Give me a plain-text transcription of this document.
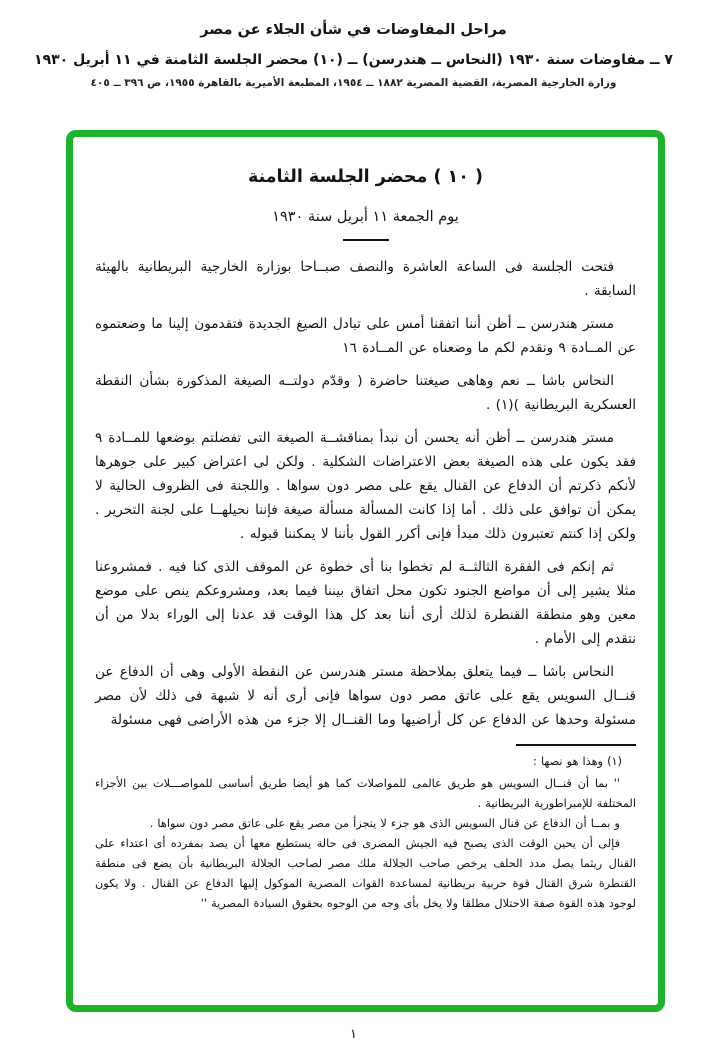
مراحل المفاوضات في شأن الجلاء عن مصر
٧ ــ مفاوضات سنة ١٩٣٠ (النحاس ــ هندرسن) ــ (١٠) محضر الجلسة الثامنة في ١١ أبريل ١٩٣٠
وزارة الخارجية المصرية، القضية المصرية ١٨٨٢ ــ ١٩٥٤، المطبعة الأميرية بالقاهرة ١٩٥٥، ص ٣٩٦ ــ ٤٠٥
( ١٠ ) محضر الجلسة الثامنة
يوم الجمعة ١١ أبريل سنة ١٩٣٠

فتحت الجلسة فى الساعة العاشرة والنصف صبــاحا بوزارة الخارجية البريطانية بالهيئة السابقة .

مستر هندرسن ــ أظن أننا اتفقنا أمس على تبادل الصيغ الجديدة فتقدمون إلينا ما وضعتموه عن المــادة ٩ ونقدم لكم ما وضعناه عن المــادة ١٦

النحاس باشا ــ نعم وهاهى صيغتنا حاضرة ( وقدّم دولتــه الصيغة المذكورة بشأن النقطة العسكرية البريطانية )(١) .

مستر هندرسن ــ أظن أنه يحسن أن نبدأ بمناقشــة الصيغة التى تفضلتم بوضعها للمــادة ٩ فقد يكون على هذه الصيغة بعض الاعتراضات الشكلية . ولكن لى اعتراض كبير على جوهرها لأنكم ذكرتم أن الدفاع عن القنال يقع على مصر دون سواها . واللجنة فى الظروف الحالية لا يمكن أن توافق على ذلك . أما إذا كانت المسألة مسألة صيغة فإننا نحيلهــا على لجنة التحرير . ولكن إذا كنتم تعتبرون ذلك مبدأ فإنى أكرر القول بأننا لا يمكننا قبوله .

ثم إنكم فى الفقرة الثالثــة لم تخطوا بنا أى خطوة عن الموقف الذى كنا فيه . فمشروعنا مثلا يشير إلى أن مواضع الجنود تكون محل اتفاق بيننا فيما بعد، ومشروعكم ينص على موضع معين وهو منطقة القنطرة لذلك أرى أننا بعد كل هذا الوقت قد عدنا إلى الوراء بدلا من أن نتقدم إلى الأمام .

النحاس باشا ــ فيما يتعلق بملاحظة مستر هندرسن عن النقطة الأولى وهى أن الدفاع عن قنــال السويس يقع على عاتق مصر دون سواها فإنى أرى أنه لا شبهة فى ذلك لأن مصر مسئولة وحدها عن الدفاع عن كل أراضيها وما القنــال إلا جزء من هذه الأراضى فهى مسئولة

(١) وهذا هو نصها :

'' بما أن قنــال السويس هو طريق عالمى للمواصلات كما هو أيضا طريق أساسى للمواصـــلات بين الأجزاء المختلفة للإمبراطورية البريطانية .

و بمــا أن الدفاع عن قنال السويس الذى هو جزء لا يتجزأ من مصر يقع على عاتق مصر دون سواها .

فإلى أن يحين الوقت الذى يصبح فيه الجيش المصرى فى حالة يستطيع معها أن يصد بمفرده أى اعتداء على القنال ريثما يصل مدد الحلف يرخص صاحب الجلالة ملك مصر لصاحب الجلالة البريطانية بأن يضع فى منطقة القنطرة شرق القنال قوة حربية بريطانية لمساعدة القوات المصرية الموكول إليها الدفاع عن القنال . ولا يكون لوجود هذه القوة صفة الاحتلال مطلقا ولا يخل بأى وجه من الوجوه بحقوق السيادة المصرية ''

١
